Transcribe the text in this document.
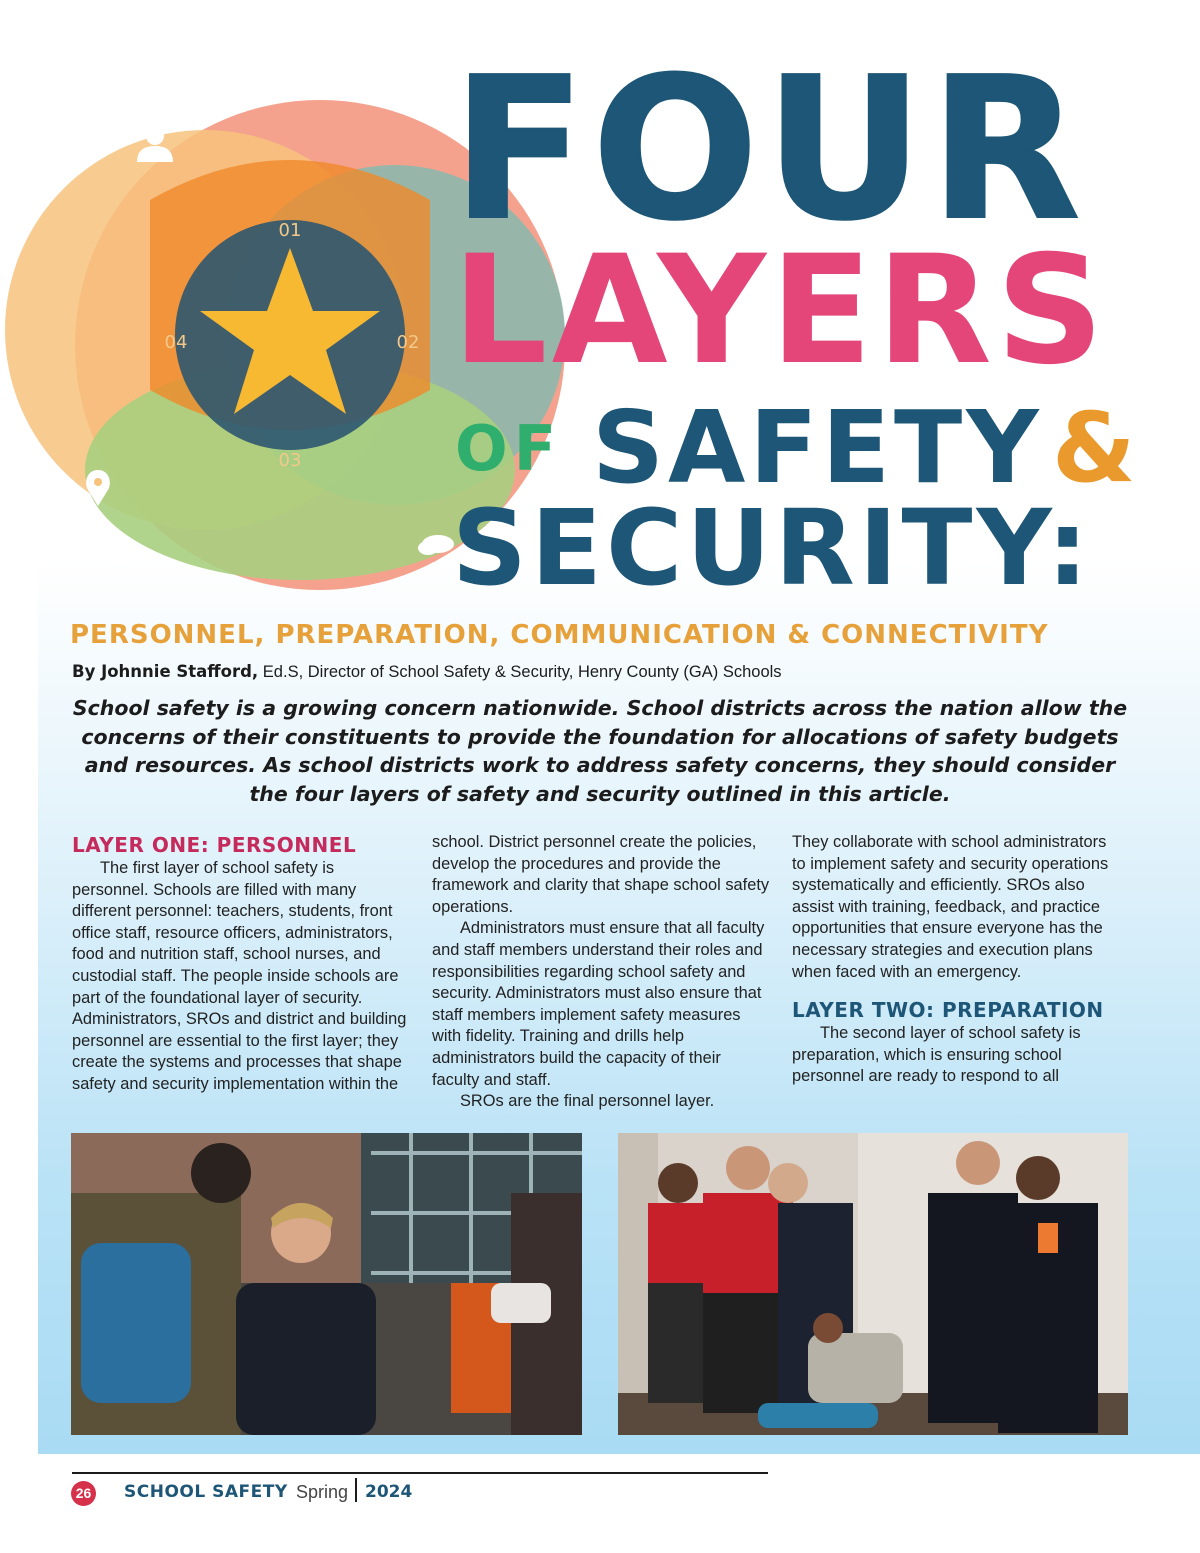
01
02
03
04
FOUR
LAYERS
OF SAFETY &
SECURITY:
PERSONNEL, PREPARATION, COMMUNICATION & CONNECTIVITY
By Johnnie Stafford, Ed.S, Director of School Safety & Security, Henry County (GA) Schools
School safety is a growing concern nationwide. School districts across the nation allow the concerns of their constituents to provide the foundation for allocations of safety budgets and resources. As school districts work to address safety concerns, they should consider the four layers of safety and security outlined in this article.
LAYER ONE: PERSONNEL

The first layer of school safety is personnel. Schools are filled with many different personnel: teachers, students, front office staff, resource officers, administrators, food and nutrition staff, school nurses, and custodial staff. The people inside schools are part of the foundational layer of security. Administrators, SROs and district and building personnel are essential to the first layer; they create the systems and processes that shape safety and security implementation within the

school. District personnel create the policies, develop the procedures and provide the framework and clarity that shape school safety operations.

Administrators must ensure that all faculty and staff members understand their roles and responsibilities regarding school safety and security. Administrators must also ensure that staff members implement safety measures with fidelity. Training and drills help administrators build the capacity of their faculty and staff.

SROs are the final personnel layer.

They collaborate with school administrators to implement safety and security operations systematically and efficiently. SROs also assist with training, feedback, and practice opportunities that ensure everyone has the necessary strategies and execution plans when faced with an emergency.

LAYER TWO: PREPARATION

The second layer of school safety is preparation, which is ensuring school personnel are ready to respond to all

26 SCHOOL SAFETY Spring 2024
